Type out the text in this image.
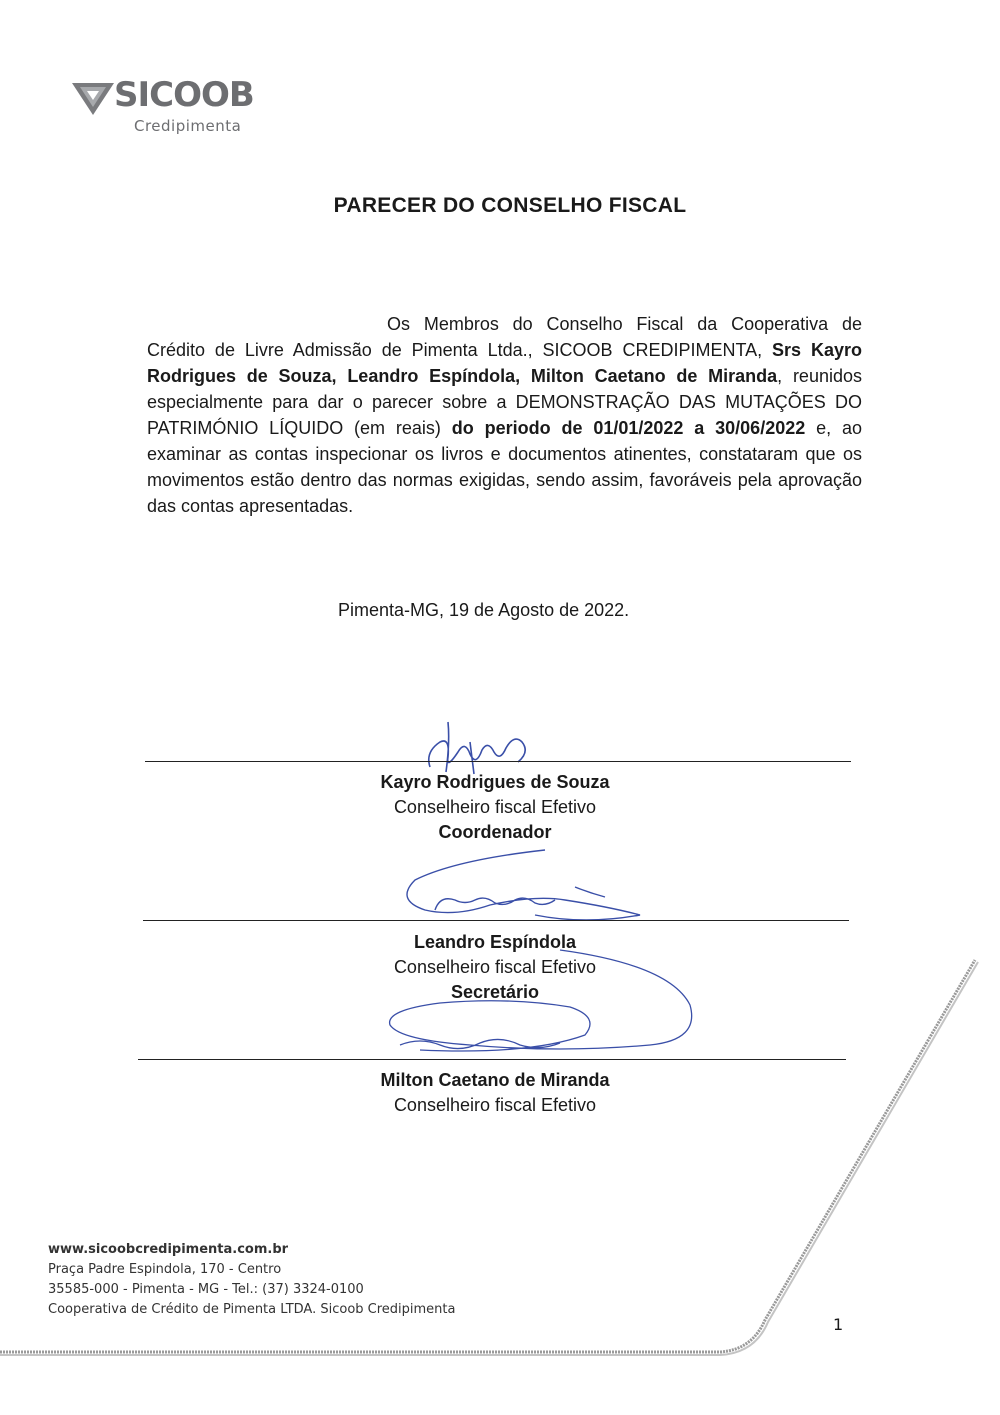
SICOOB
Credipimenta
PARECER DO CONSELHO FISCAL
Os Membros do Conselho Fiscal da Cooperativa de Crédito de Livre Admissão de Pimenta Ltda., SICOOB CREDIPIMENTA, Srs Kayro Rodrigues de Souza, Leandro Espíndola, Milton Caetano de Miranda, reunidos especialmente para dar o parecer sobre a DEMONSTRAÇÃO DAS MUTAÇÕES DO PATRIMÓNIO LÍQUIDO (em reais) do periodo de 01/01/2022 a 30/06/2022 e, ao examinar as contas inspecionar os livros e documentos atinentes, constataram que os movimentos estão dentro das normas exigidas, sendo assim, favoráveis pela aprovação das contas apresentadas.
Pimenta-MG, 19 de Agosto de 2022.
Kayro Rodrigues de Souza
Conselheiro fiscal Efetivo
Coordenador
Leandro Espíndola
Conselheiro fiscal Efetivo
Secretário
Milton Caetano de Miranda
Conselheiro fiscal Efetivo
www.sicoobcredipimenta.com.br
Praça Padre Espindola, 170 - Centro
35585-000 - Pimenta - MG - Tel.: (37) 3324-0100
Cooperativa de Crédito de Pimenta LTDA. Sicoob Credipimenta
1
